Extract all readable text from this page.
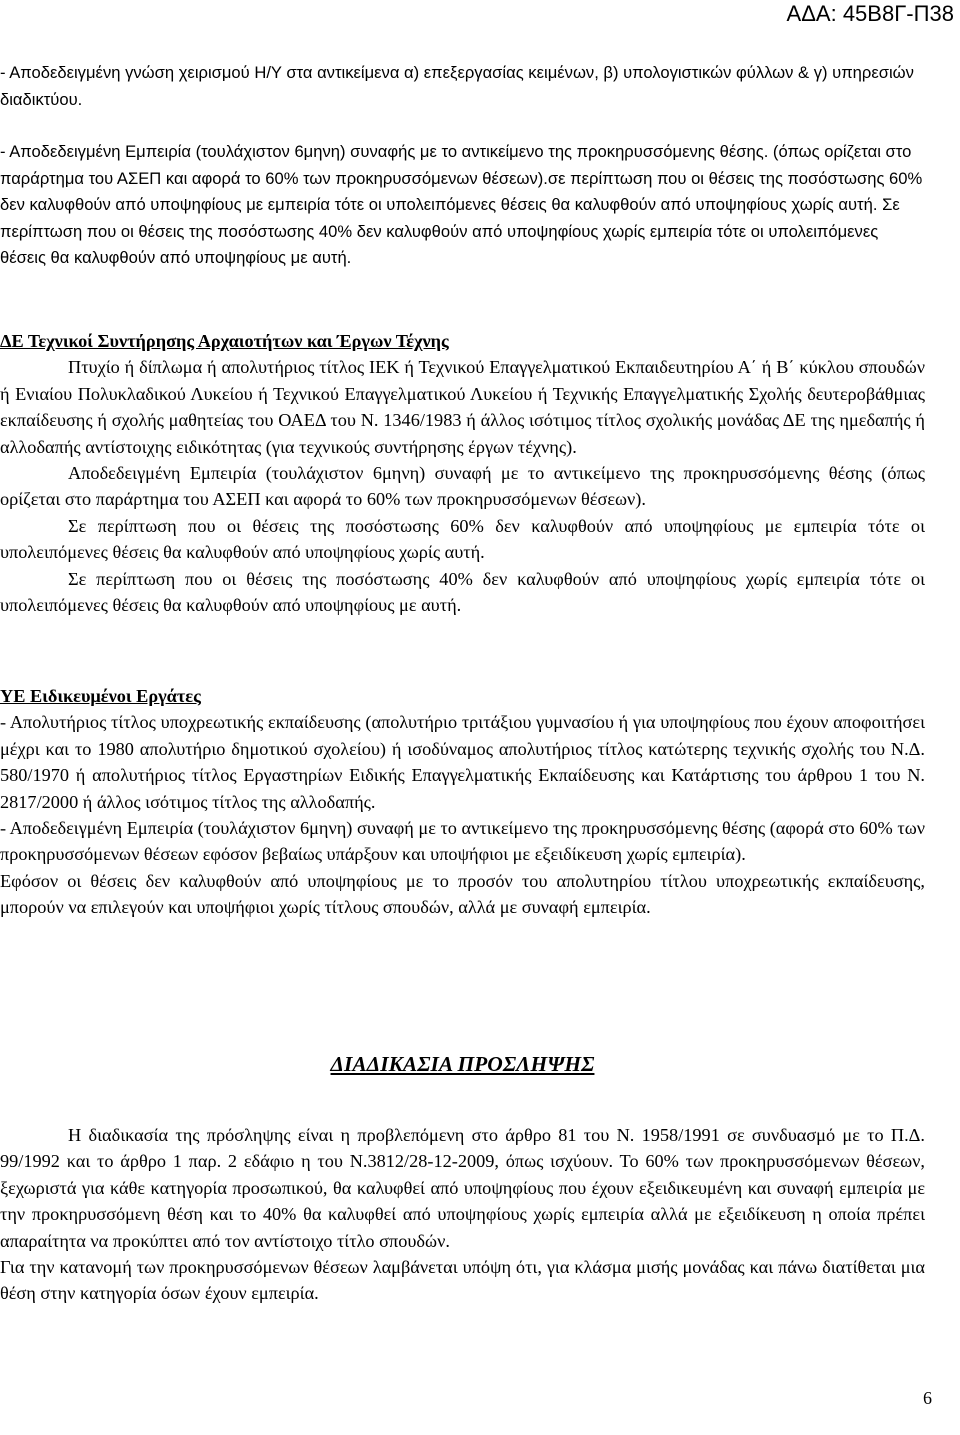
ΑΔΑ: 45Β8Γ-Π38

- Αποδεδειγμένη γνώση χειρισμού Η/Υ στα αντικείμενα α) επεξεργασίας κειμένων, β) υπολογιστικών φύλλων & γ) υπηρεσιών διαδικτύου.

- Αποδεδειγμένη Εμπειρία (τουλάχιστον 6μηνη) συναφής με το αντικείμενο της προκηρυσσόμενης θέσης. (όπως ορίζεται στο παράρτημα του ΑΣΕΠ και αφορά το 60% των προκηρυσσόμενων θέσεων).σε περίπτωση που οι θέσεις της ποσόστωσης 60% δεν καλυφθούν από υποψηφίους με εμπειρία τότε οι υπολειπόμενες θέσεις θα καλυφθούν από υποψηφίους χωρίς αυτή. Σε περίπτωση που οι θέσεις της ποσόστωσης 40% δεν καλυφθούν από υποψηφίους χωρίς εμπειρία τότε οι υπολειπόμενες θέσεις θα καλυφθούν από υποψηφίους με αυτή.

ΔΕ Τεχνικοί Συντήρησης Αρχαιοτήτων και Έργων Τέχνης

Πτυχίο ή δίπλωμα ή απολυτήριος τίτλος ΙΕΚ ή Τεχνικού Επαγγελματικού Εκπαιδευτηρίου Α΄ ή Β΄ κύκλου σπουδών ή Ενιαίου Πολυκλαδικού Λυκείου ή Τεχνικού Επαγγελματικού Λυκείου ή Τεχνικής Επαγγελματικής Σχολής δευτεροβάθμιας εκπαίδευσης ή σχολής μαθητείας του ΟΑΕΔ του Ν. 1346/1983 ή άλλος ισότιμος τίτλος σχολικής μονάδας ΔΕ της ημεδαπής ή αλλοδαπής αντίστοιχης ειδικότητας (για τεχνικούς συντήρησης έργων τέχνης).

Αποδεδειγμένη Εμπειρία (τουλάχιστον 6μηνη) συναφή με το αντικείμενο της προκηρυσσόμενης θέσης (όπως ορίζεται στο παράρτημα του ΑΣΕΠ και αφορά το 60% των προκηρυσσόμενων θέσεων).

Σε περίπτωση που οι θέσεις της ποσόστωσης 60% δεν καλυφθούν από υποψηφίους με εμπειρία τότε οι υπολειπόμενες θέσεις θα καλυφθούν από υποψηφίους χωρίς αυτή.

Σε περίπτωση που οι θέσεις της ποσόστωσης 40% δεν καλυφθούν από υποψηφίους χωρίς εμπειρία τότε οι υπολειπόμενες θέσεις θα καλυφθούν από υποψηφίους με αυτή.

ΥΕ Ειδικευμένοι Εργάτες

- Απολυτήριος τίτλος υποχρεωτικής εκπαίδευσης (απολυτήριο τριτάξιου γυμνασίου ή για υποψηφίους που έχουν αποφοιτήσει μέχρι και το 1980 απολυτήριο δημοτικού σχολείου) ή ισοδύναμος απολυτήριος τίτλος κατώτερης τεχνικής σχολής του Ν.Δ. 580/1970 ή απολυτήριος τίτλος Εργαστηρίων Ειδικής Επαγγελματικής Εκπαίδευσης και Κατάρτισης του άρθρου 1 του Ν. 2817/2000 ή άλλος ισότιμος τίτλος της αλλοδαπής.

- Αποδεδειγμένη Εμπειρία (τουλάχιστον 6μηνη) συναφή με το αντικείμενο της προκηρυσσόμενης θέσης (αφορά στο 60% των προκηρυσσόμενων θέσεων εφόσον βεβαίως υπάρξουν και υποψήφιοι με εξειδίκευση χωρίς εμπειρία).

Εφόσον οι θέσεις δεν καλυφθούν από υποψηφίους με το προσόν του απολυτηρίου τίτλου υποχρεωτικής εκπαίδευσης, μπορούν να επιλεγούν και υποψήφιοι χωρίς τίτλους σπουδών, αλλά με συναφή εμπειρία.

ΔΙΑΔΙΚΑΣΙΑ ΠΡΟΣΛΗΨΗΣ

Η διαδικασία της πρόσληψης είναι η προβλεπόμενη στο άρθρο 81 του Ν. 1958/1991 σε συνδυασμό με το Π.Δ. 99/1992 και το άρθρο 1 παρ. 2 εδάφιο η του Ν.3812/28-12-2009, όπως ισχύουν. Το 60% των προκηρυσσόμενων θέσεων, ξεχωριστά για κάθε κατηγορία προσωπικού, θα καλυφθεί από υποψηφίους που έχουν εξειδικευμένη και συναφή εμπειρία με την προκηρυσσόμενη θέση και το 40% θα καλυφθεί από υποψηφίους χωρίς εμπειρία αλλά με εξειδίκευση η οποία πρέπει απαραίτητα να προκύπτει από τον αντίστοιχο τίτλο σπουδών.

Για την κατανομή των προκηρυσσόμενων θέσεων λαμβάνεται υπόψη ότι, για κλάσμα μισής μονάδας και πάνω διατίθεται μια θέση στην κατηγορία όσων έχουν εμπειρία.

6
